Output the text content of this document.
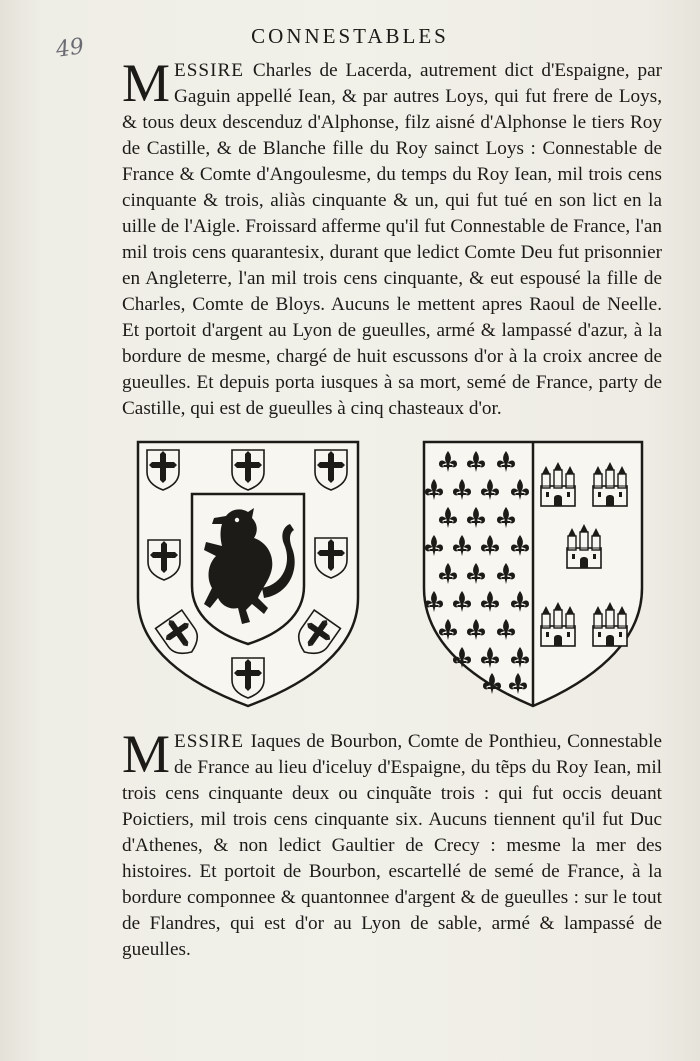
49	CONNESTABLES

MESSIRE Charles de Lacerda, autrement dict d'Espaigne, par Gaguin appellé Iean, & par autres Loys, qui fut frere de Loys, & tous deux descenduz d'Alphonse, filz aisné d'Alphonse le tiers Roy de Castille, & de Blanche fille du Roy sainct Loys : Connestable de France & Comte d'Angoulesme, du temps du Roy Iean, mil trois cens cinquante & trois, aliàs cinquante & un, qui fut tué en son lict en la uille de l'Aigle. Froissard afferme qu'il fut Connestable de France, l'an mil trois cens quarantesix, durant que ledict Comte Deu fut prisonnier en Angleterre, l'an mil trois cens cinquante, & eut espousé la fille de Charles, Comte de Bloys. Aucuns le mettent apres Raoul de Neelle. Et portoit d'argent au Lyon de gueulles, armé & lampassé d'azur, à la bordure de mesme, chargé de huit escussons d'or à la croix ancree de gueulles. Et depuis porta iusques à sa mort, semé de France, party de Castille, qui est de gueulles à cinq chasteaux d'or.

MESSIRE Iaques de Bourbon, Comte de Ponthieu, Connestable de France au lieu d'iceluy d'Espaigne, du tẽps du Roy Iean, mil trois cens cinquante deux ou cinquãte trois : qui fut occis deuant Poictiers, mil trois cens cinquante six. Aucuns tiennent qu'il fut Duc d'Athenes, & non ledict Gaultier de Crecy : mesme la mer des histoires. Et portoit de Bourbon, escartellé de semé de France, à la bordure componnee & quantonnee d'argent & de gueulles : sur le tout de Flandres, qui est d'or au Lyon de sable, armé & lampassé de gueulles.
